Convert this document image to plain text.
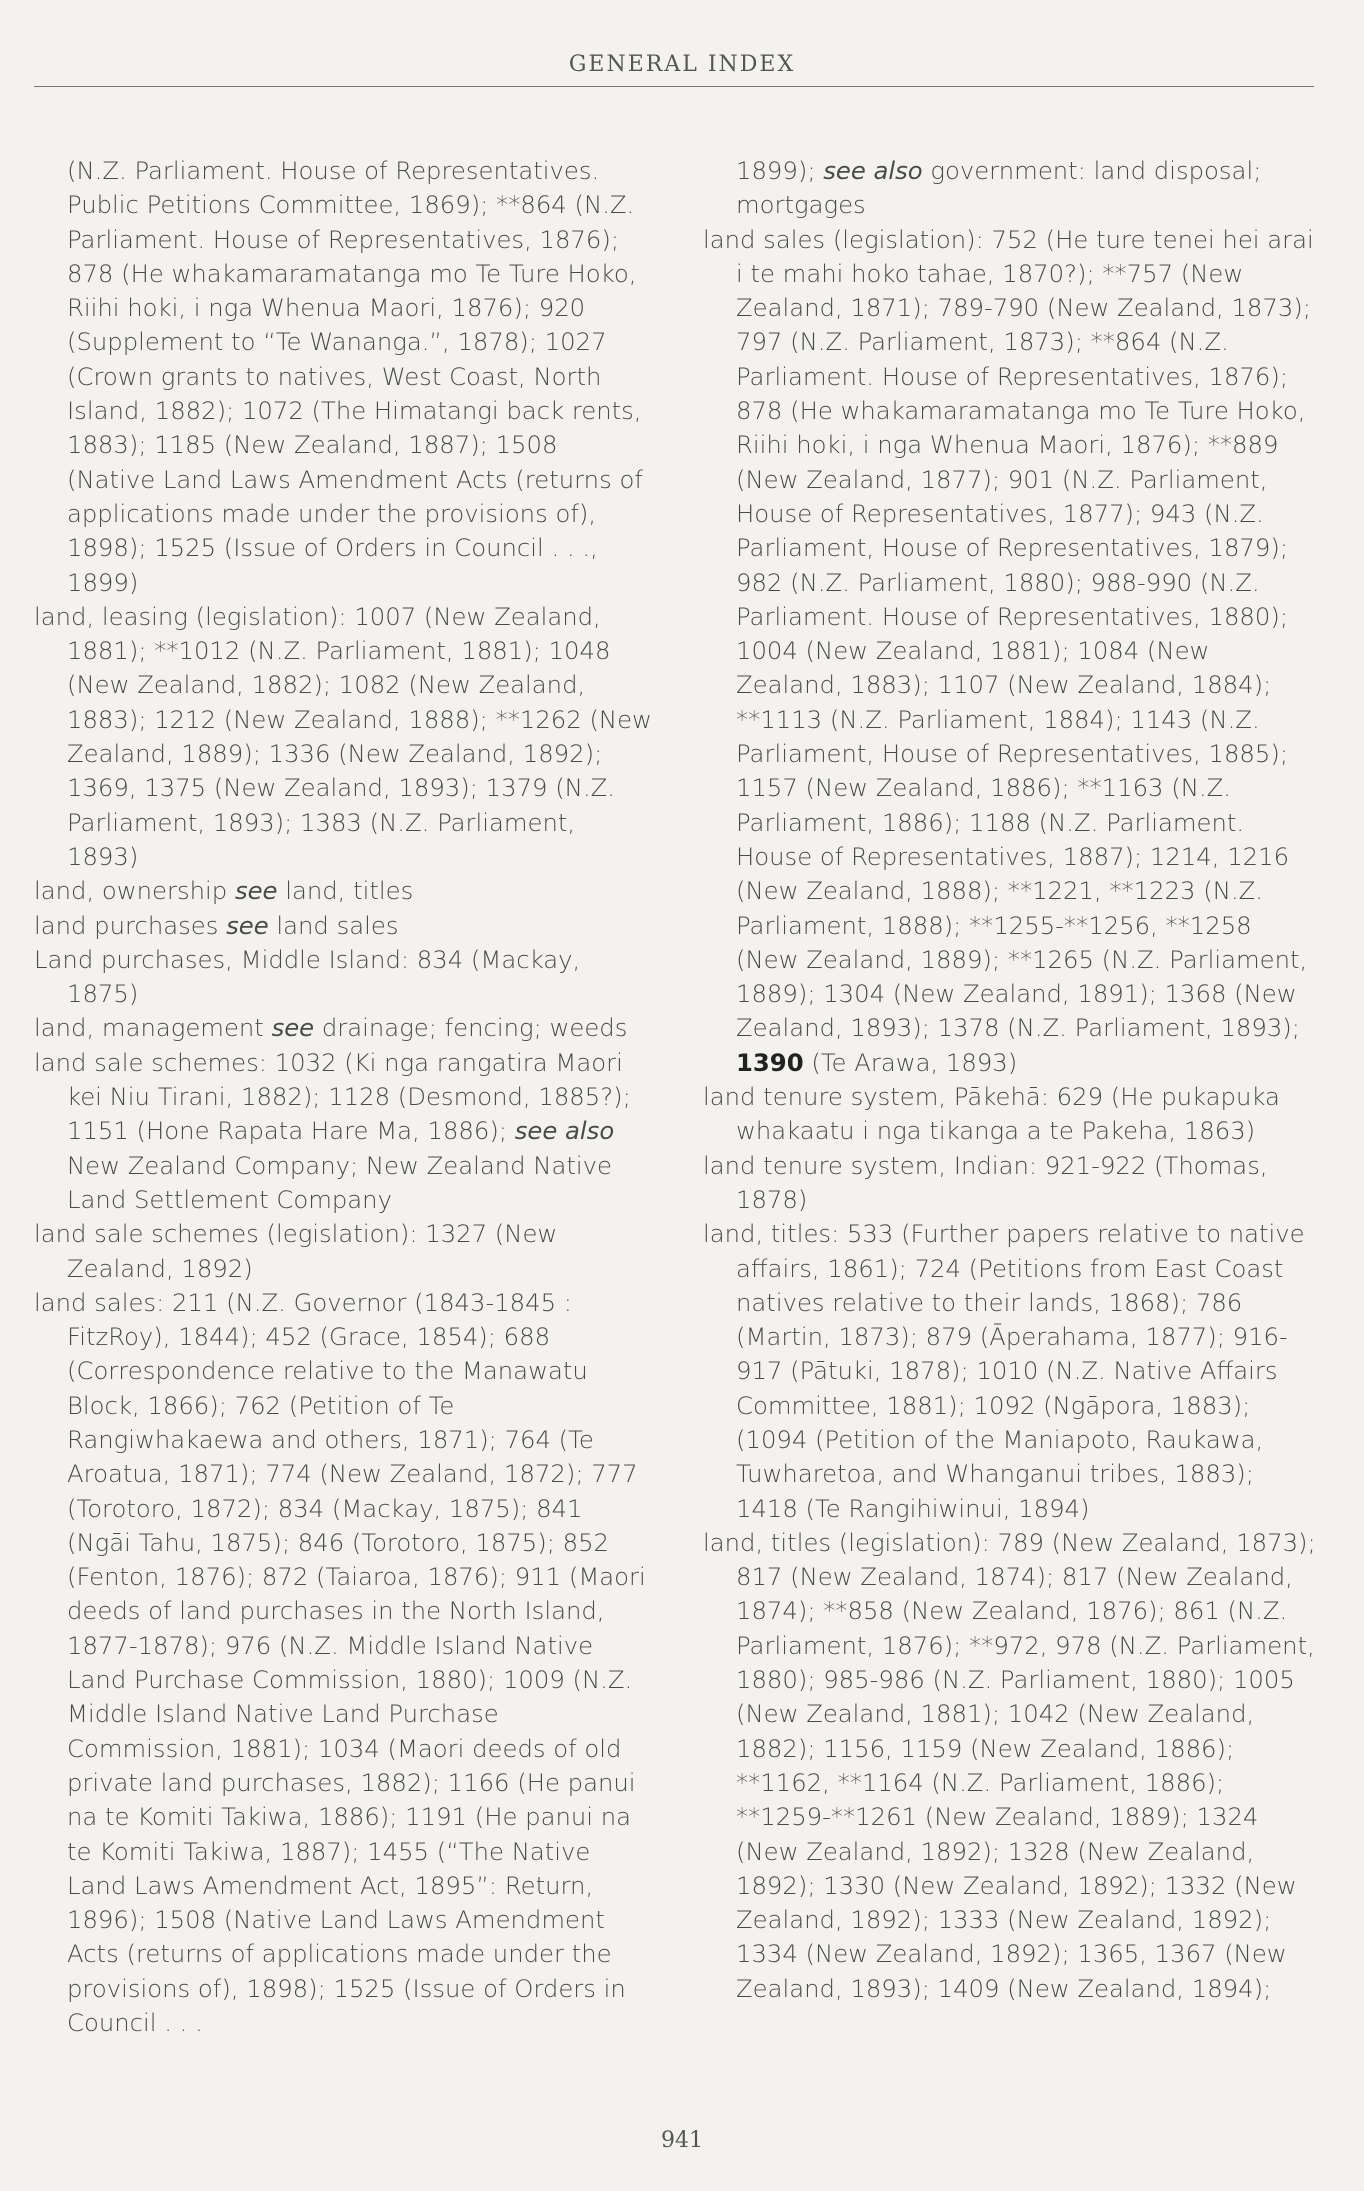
GENERAL INDEX

(N.Z. Parliament. House of Representatives. Public Petitions Committee, 1869); **864 (N.Z. Parliament. House of Representatives, 1876); 878 (He whakamaramatanga mo Te Ture Hoko, Riihi hoki, i nga Whenua Maori, 1876); 920 (Supplement to “Te Wananga.”, 1878); 1027 (Crown grants to natives, West Coast, North Island, 1882); 1072 (The Himatangi back rents, 1883); 1185 (New Zealand, 1887); 1508 (Native Land Laws Amendment Acts (returns of applications made under the provisions of), 1898); 1525 (Issue of Orders in Council . . ., 1899)

land, leasing (legislation): 1007 (New Zealand, 1881); **1012 (N.Z. Parliament, 1881); 1048 (New Zealand, 1882); 1082 (New Zealand, 1883); 1212 (New Zealand, 1888); **1262 (New Zealand, 1889); 1336 (New Zealand, 1892); 1369, 1375 (New Zealand, 1893); 1379 (N.Z. Parliament, 1893); 1383 (N.Z. Parliament, 1893)

land, ownership see land, titles

land purchases see land sales

Land purchases, Middle Island: 834 (Mackay, 1875)

land, management see drainage; fencing; weeds

land sale schemes: 1032 (Ki nga rangatira Maori kei Niu Tirani, 1882); 1128 (Desmond, 1885?); 1151 (Hone Rapata Hare Ma, 1886); see also New Zealand Company; New Zealand Native Land Settlement Company

land sale schemes (legislation): 1327 (New Zealand, 1892)

land sales: 211 (N.Z. Governor (1843-1845 : FitzRoy), 1844); 452 (Grace, 1854); 688 (Correspondence relative to the Manawatu Block, 1866); 762 (Petition of Te Rangiwhakaewa and others, 1871); 764 (Te Aroatua, 1871); 774 (New Zealand, 1872); 777 (Torotoro, 1872); 834 (Mackay, 1875); 841 (Ngāi Tahu, 1875); 846 (Torotoro, 1875); 852 (Fenton, 1876); 872 (Taiaroa, 1876); 911 (Maori deeds of land purchases in the North Island, 1877-1878); 976 (N.Z. Middle Island Native Land Purchase Commission, 1880); 1009 (N.Z. Middle Island Native Land Purchase Commission, 1881); 1034 (Maori deeds of old private land purchases, 1882); 1166 (He panui na te Komiti Takiwa, 1886); 1191 (He panui na te Komiti Takiwa, 1887); 1455 (“The Native Land Laws Amendment Act, 1895”: Return, 1896); 1508 (Native Land Laws Amendment Acts (returns of applications made under the provisions of), 1898); 1525 (Issue of Orders in Council . . .

1899); see also government: land disposal; mortgages

land sales (legislation): 752 (He ture tenei hei arai i te mahi hoko tahae, 1870?); **757 (New Zealand, 1871); 789-790 (New Zealand, 1873); 797 (N.Z. Parliament, 1873); **864 (N.Z. Parliament. House of Representatives, 1876); 878 (He whakamaramatanga mo Te Ture Hoko, Riihi hoki, i nga Whenua Maori, 1876); **889 (New Zealand, 1877); 901 (N.Z. Parliament, House of Representatives, 1877); 943 (N.Z. Parliament, House of Representatives, 1879); 982 (N.Z. Parliament, 1880); 988-990 (N.Z. Parliament. House of Representatives, 1880); 1004 (New Zealand, 1881); 1084 (New Zealand, 1883); 1107 (New Zealand, 1884); **1113 (N.Z. Parliament, 1884); 1143 (N.Z. Parliament, House of Representatives, 1885); 1157 (New Zealand, 1886); **1163 (N.Z. Parliament, 1886); 1188 (N.Z. Parliament. House of Representatives, 1887); 1214, 1216 (New Zealand, 1888); **1221, **1223 (N.Z. Parliament, 1888); **1255-**1256, **1258 (New Zealand, 1889); **1265 (N.Z. Parliament, 1889); 1304 (New Zealand, 1891); 1368 (New Zealand, 1893); 1378 (N.Z. Parliament, 1893); 1390 (Te Arawa, 1893)

land tenure system, Pākehā: 629 (He pukapuka whakaatu i nga tikanga a te Pakeha, 1863)

land tenure system, Indian: 921-922 (Thomas, 1878)

land, titles: 533 (Further papers relative to native affairs, 1861); 724 (Petitions from East Coast natives relative to their lands, 1868); 786 (Martin, 1873); 879 (Āperahama, 1877); 916-917 (Pātuki, 1878); 1010 (N.Z. Native Affairs Committee, 1881); 1092 (Ngāpora, 1883); (1094 (Petition of the Maniapoto, Raukawa, Tuwharetoa, and Whanganui tribes, 1883); 1418 (Te Rangihiwinui, 1894)

land, titles (legislation): 789 (New Zealand, 1873); 817 (New Zealand, 1874); 817 (New Zealand, 1874); **858 (New Zealand, 1876); 861 (N.Z. Parliament, 1876); **972, 978 (N.Z. Parliament, 1880); 985-986 (N.Z. Parliament, 1880); 1005 (New Zealand, 1881); 1042 (New Zealand, 1882); 1156, 1159 (New Zealand, 1886); **1162, **1164 (N.Z. Parliament, 1886); **1259-**1261 (New Zealand, 1889); 1324 (New Zealand, 1892); 1328 (New Zealand, 1892); 1330 (New Zealand, 1892); 1332 (New Zealand, 1892); 1333 (New Zealand, 1892); 1334 (New Zealand, 1892); 1365, 1367 (New Zealand, 1893); 1409 (New Zealand, 1894);

941
